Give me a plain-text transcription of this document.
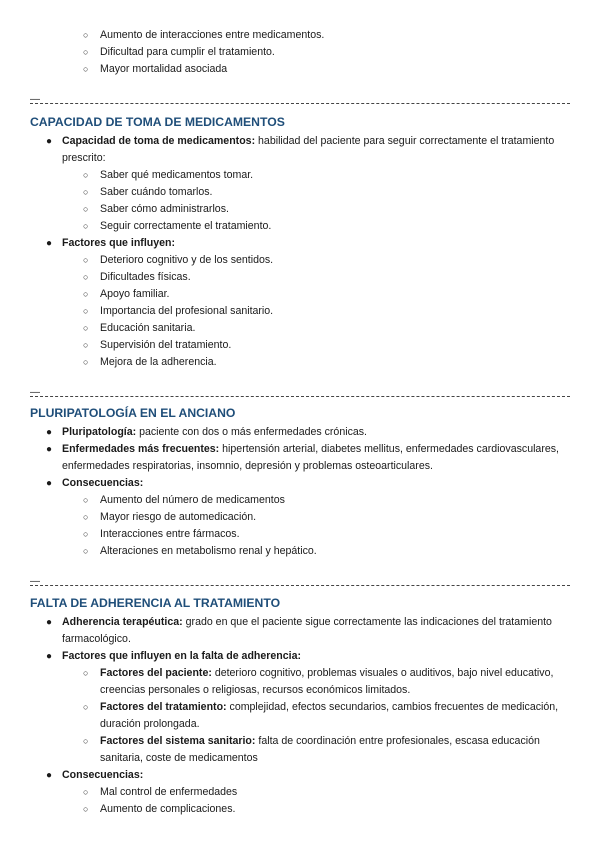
○ Aumento de interacciones entre medicamentos.
○ Dificultad para cumplir el tratamiento.
○ Mayor mortalidad asociada
—
CAPACIDAD DE TOMA DE MEDICAMENTOS
● Capacidad de toma de medicamentos: habilidad del paciente para seguir correctamente el tratamiento prescrito:
○ Saber qué medicamentos tomar.
○ Saber cuándo tomarlos.
○ Saber cómo administrarlos.
○ Seguir correctamente el tratamiento.
● Factores que influyen:
○ Deterioro cognitivo y de los sentidos.
○ Dificultades físicas.
○ Apoyo familiar.
○ Importancia del profesional sanitario.
○ Educación sanitaria.
○ Supervisión del tratamiento.
○ Mejora de la adherencia.
—
PLURIPATOLOGÍA EN EL ANCIANO
● Pluripatología: paciente con dos o más enfermedades crónicas.
● Enfermedades más frecuentes: hipertensión arterial, diabetes mellitus, enfermedades cardiovasculares, enfermedades respiratorias, insomnio, depresión y problemas osteoarticulares.
● Consecuencias:
○ Aumento del número de medicamentos
○ Mayor riesgo de automedicación.
○ Interacciones entre fármacos.
○ Alteraciones en metabolismo renal y hepático.
—
FALTA DE ADHERENCIA AL TRATAMIENTO
● Adherencia terapéutica: grado en que el paciente sigue correctamente las indicaciones del tratamiento farmacológico.
● Factores que influyen en la falta de adherencia:
○ Factores del paciente: deterioro cognitivo, problemas visuales o auditivos, bajo nivel educativo, creencias personales o religiosas, recursos económicos limitados.
○ Factores del tratamiento: complejidad, efectos secundarios, cambios frecuentes de medicación, duración prolongada.
○ Factores del sistema sanitario: falta de coordinación entre profesionales, escasa educación sanitaria, coste de medicamentos
● Consecuencias:
○ Mal control de enfermedades
○ Aumento de complicaciones.
